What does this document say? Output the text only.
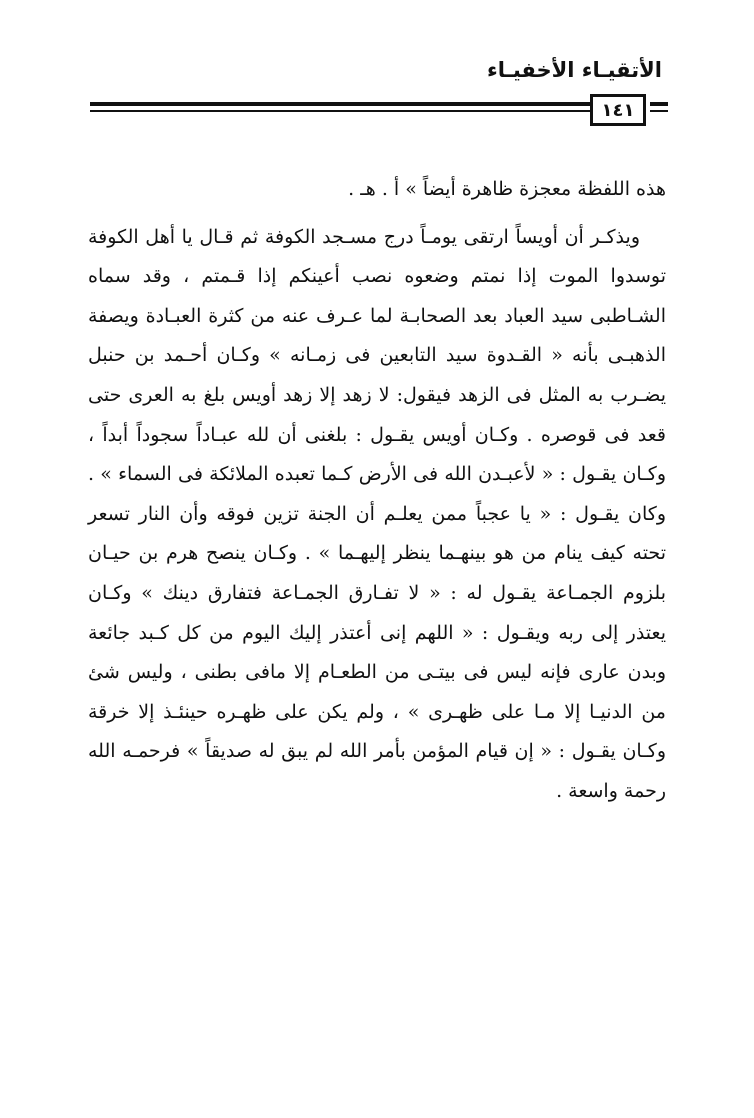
الأتقيـاء الأخفيـاء
١٤١

هذه اللفظة معجزة ظاهرة أيضاً » أ . هـ .

ويذكـر أن أويساً ارتقى يومـاً درج مسـجد الكوفة ثم قـال يا أهل الكوفة توسدوا الموت إذا نمتم وضعوه نصب أعينكم إذا قـمتم ، وقد سماه الشـاطبى سيد العباد بعد الصحابـة لما عـرف عنه من كثرة العبـادة ويصفة الذهبـى بأنه « القـدوة سيد التابعين فى زمـانه » وكـان أحـمد بن حنبل يضـرب به المثل فى الزهد فيقول: لا زهد إلا زهد أويس بلغ به العرى حتى قعد فى قوصره . وكـان أويس يقـول : بلغنى أن لله عبـاداً سجوداً أبداً ، وكـان يقـول : « لأعبـدن الله فى الأرض كـما تعبده الملائكة فى السماء » . وكان يقـول : « يا عجباً ممن يعلـم أن الجنة تزين فوقه وأن النار تسعر تحته كيف ينام من هو بينهـما ينظر إليهـما » . وكـان ينصح هرم بن حيـان بلزوم الجمـاعة يقـول له : « لا تفـارق الجمـاعة فتفارق دينك » وكـان يعتذر إلى ربه ويقـول : « اللهم إنى أعتذر إليك اليوم من كل كـبد جائعة وبدن عارى فإنه ليس فى بيتـى من الطعـام إلا مافى بطنى ، وليس شئ من الدنيـا إلا مـا على ظهـرى » ، ولم يكن على ظهـره حينئـذ إلا خرقة وكـان يقـول : « إن قيام المؤمن بأمر الله لم يبق له صديقاً » فرحمـه الله رحمة واسعة .
